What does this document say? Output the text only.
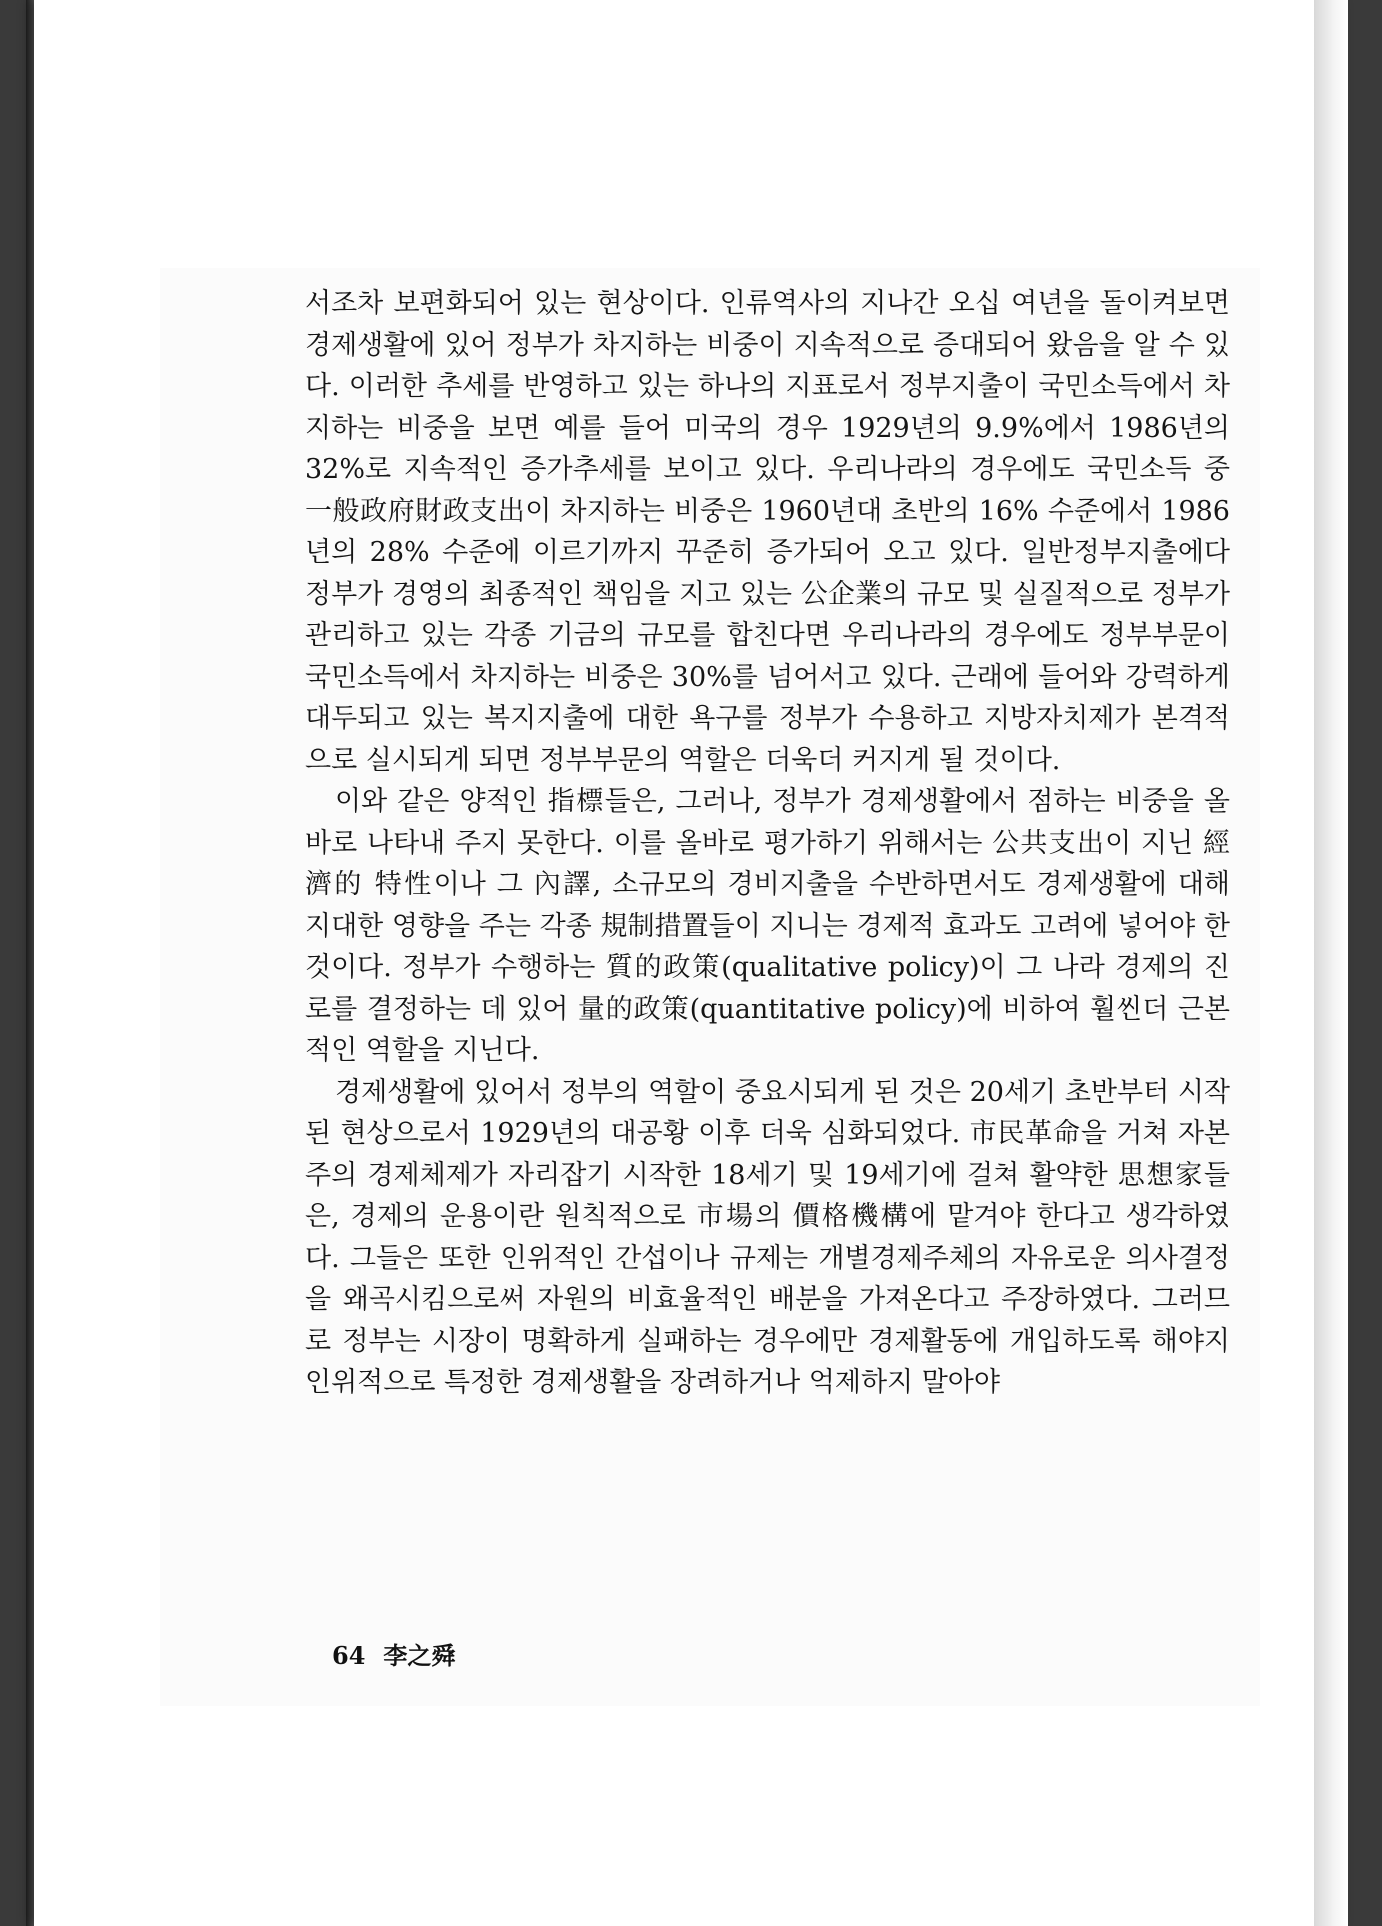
서조차 보편화되어 있는 현상이다. 인류역사의 지나간 오십 여년을 돌이켜보면 경제생활에 있어 정부가 차지하는 비중이 지속적으로 증대되어 왔음을 알 수 있다. 이러한 추세를 반영하고 있는 하나의 지표로서 정부지출이 국민소득에서 차지하는 비중을 보면 예를 들어 미국의 경우 1929년의 9.9%에서 1986년의 32%로 지속적인 증가추세를 보이고 있다. 우리나라의 경우에도 국민소득 중 一般政府財政支出이 차지하는 비중은 1960년대 초반의 16% 수준에서 1986년의 28% 수준에 이르기까지 꾸준히 증가되어 오고 있다. 일반정부지출에다 정부가 경영의 최종적인 책임을 지고 있는 公企業의 규모 및 실질적으로 정부가 관리하고 있는 각종 기금의 규모를 합친다면 우리나라의 경우에도 정부부문이 국민소득에서 차지하는 비중은 30%를 넘어서고 있다. 근래에 들어와 강력하게 대두되고 있는 복지지출에 대한 욕구를 정부가 수용하고 지방자치제가 본격적으로 실시되게 되면 정부부문의 역할은 더욱더 커지게 될 것이다.

이와 같은 양적인 指標들은, 그러나, 정부가 경제생활에서 점하는 비중을 올바로 나타내 주지 못한다. 이를 올바로 평가하기 위해서는 公共支出이 지닌 經濟的 特性이나 그 內譯, 소규모의 경비지출을 수반하면서도 경제생활에 대해 지대한 영향을 주는 각종 規制措置들이 지니는 경제적 효과도 고려에 넣어야 한 것이다. 정부가 수행하는 質的政策(qualitative policy)이 그 나라 경제의 진로를 결정하는 데 있어 量的政策(quantitative policy)에 비하여 훨씬더 근본적인 역할을 지닌다.

경제생활에 있어서 정부의 역할이 중요시되게 된 것은 20세기 초반부터 시작된 현상으로서 1929년의 대공황 이후 더욱 심화되었다. 市民革命을 거쳐 자본주의 경제체제가 자리잡기 시작한 18세기 및 19세기에 걸쳐 활약한 思想家들은, 경제의 운용이란 원칙적으로 市場의 價格機構에 맡겨야 한다고 생각하였다. 그들은 또한 인위적인 간섭이나 규제는 개별경제주체의 자유로운 의사결정을 왜곡시킴으로써 자원의 비효율적인 배분을 가져온다고 주장하였다. 그러므로 정부는 시장이 명확하게 실패하는 경우에만 경제활동에 개입하도록 해야지 인위적으로 특정한 경제생활을 장려하거나 억제하지 말아야

64 李之舜
